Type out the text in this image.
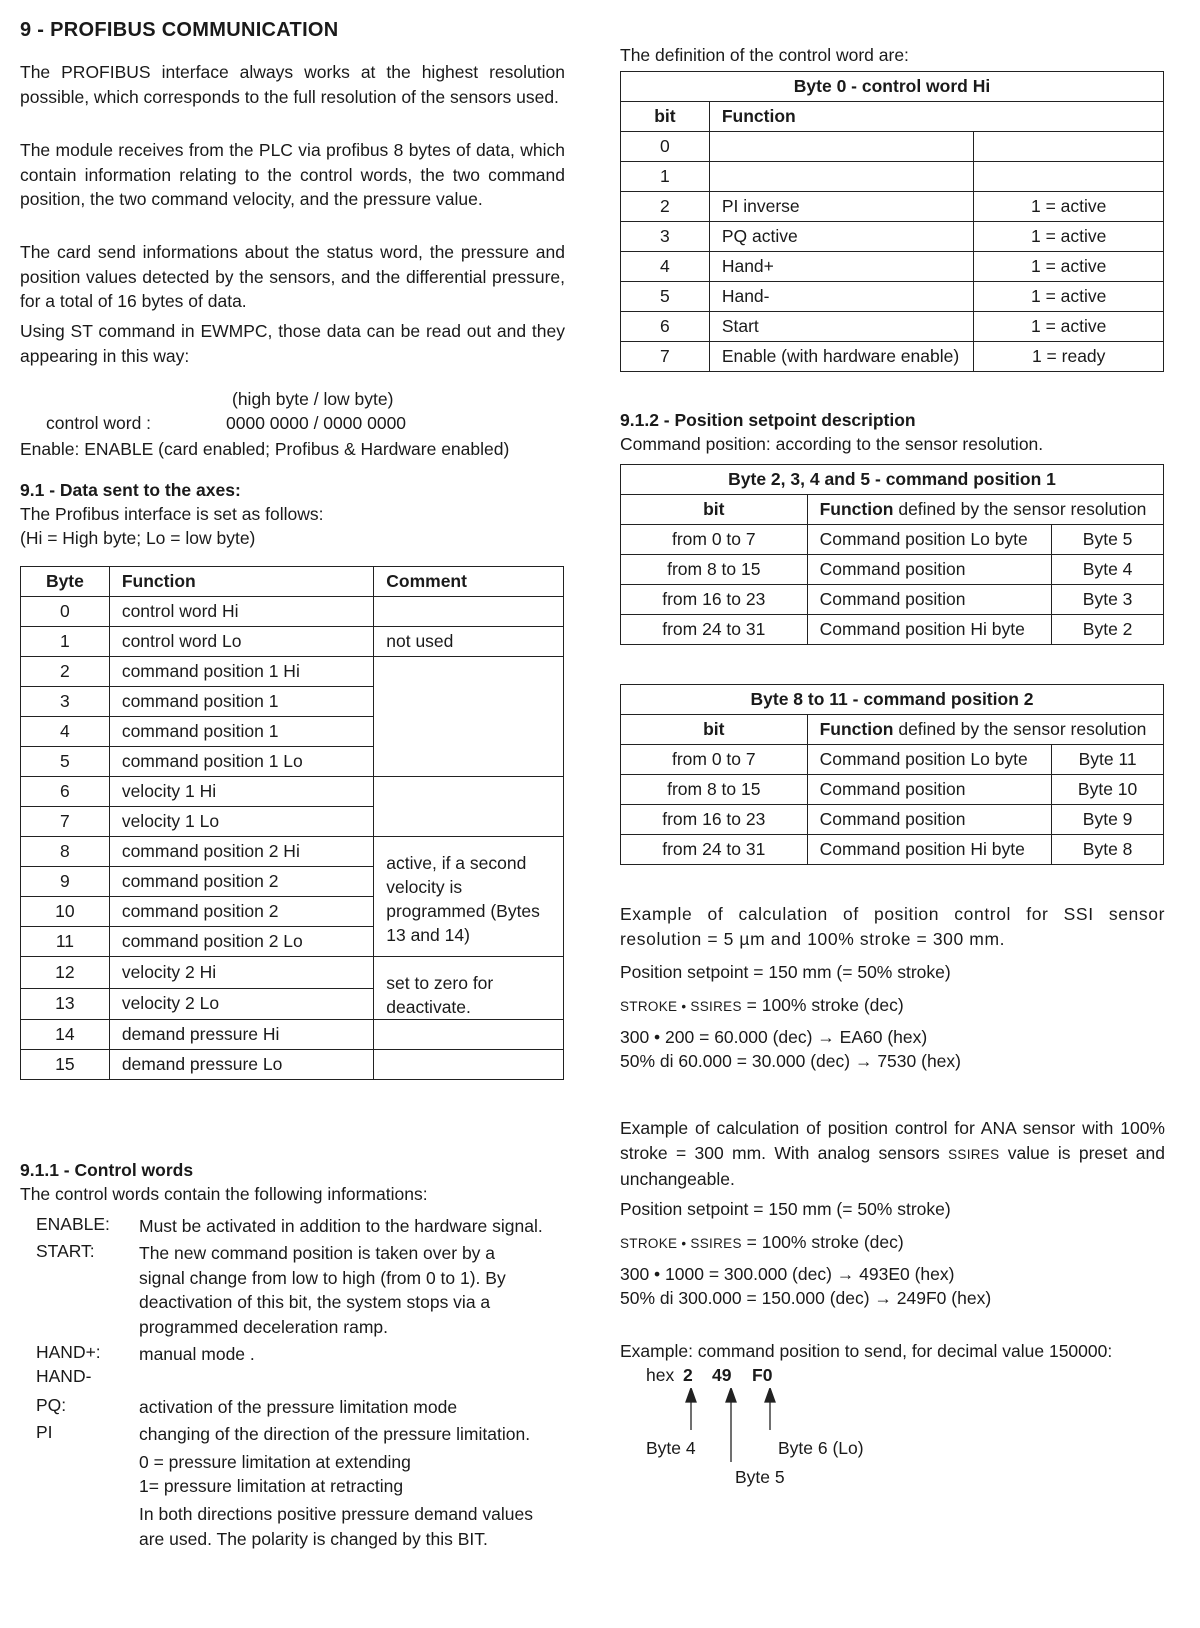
9 - PROFIBUS COMMUNICATION

The PROFIBUS interface always works at the highest resolution possible, which corresponds to the full resolution of the sensors used.

The module receives from the PLC via profibus 8 bytes of data, which contain information relating to the control words, the two command position, the two command velocity, and the pressure value.

The card send informations about the status word, the pressure and position values detected by the sensors, and the differential pressure, for a total of 16 bytes of data.

Using ST command in EWMPC, those data can be read out and they appearing in this way:

(high byte / low byte)

control word :	0000 0000 / 0000 0000

Enable: ENABLE (card enabled; Profibus & Hardware enabled)

9.1 - Data sent to the axes:

The Profibus interface is set as follows:

(Hi = High byte; Lo = low byte)

Byte	Function	Comment
0	control word Hi	
1	control word Lo	not used
2	command position 1 Hi	
3	command position 1	
4	command position 1	
5	command position 1 Lo	
6	velocity 1 Hi	
7	velocity 1 Lo	
8	command position 2 Hi	active, if a second velocity is programmed (Bytes 13 and 14)
9	command position 2	
10	command position 2	
11	command position 2 Lo	
12	velocity 2 Hi	set to zero for deactivate.
13	velocity 2 Lo	
14	demand pressure Hi	
15	demand pressure Lo	

9.1.1 - Control words

The control words contain the following informations:

ENABLE: Must be activated in addition to the hardware signal.
START:	The new command position is taken over by a signal change from low to high (from 0 to 1). By deactivation of this bit, the system stops via a programmed deceleration ramp.
HAND+: manual mode .
HAND-
PQ:	activation of the pressure limitation mode
PI	changing of the direction of the pressure limitation.
0 = pressure limitation at extending
1= pressure limitation at retracting
In both directions positive pressure demand values are used. The polarity is changed by this BIT.

The definition of the control word are:

Byte 0 - control word Hi		
bit	Function	
0		
1		
2	PI inverse	1 = active
3	PQ active	1 = active
4	Hand+	1 = active
5	Hand-	1 = active
6	Start	1 = active
7	Enable (with hardware enable)	1 = ready

9.1.2 - Position setpoint description

Command position: according to the sensor resolution.

Byte 2, 3, 4 and 5 - command position 1		
bit	Function defined by the sensor resolution	
from 0 to 7	Command position Lo byte	Byte 5
from 8 to 15	Command position	Byte 4
from 16 to 23	Command position	Byte 3
from 24 to 31	Command position Hi byte	Byte 2
Byte 8 to 11 - command position 2		
bit	Function defined by the sensor resolution	
from 0 to 7	Command position Lo byte	Byte 11
from 8 to 15	Command position	Byte 10
from 16 to 23	Command position	Byte 9
from 24 to 31	Command position Hi byte	Byte 8

Example of calculation of position control for SSI sensor resolution = 5 µm and 100% stroke = 300 mm.

Position setpoint = 150 mm (= 50% stroke)

STROKE • SSIRES = 100% stroke (dec)

300 • 200 = 60.000 (dec) → EA60 (hex)

50% di 60.000 = 30.000 (dec) → 7530 (hex)

Example of calculation of position control for ANA sensor with 100% stroke = 300 mm. With analog sensors SSIRES value is preset and unchangeable.

Position setpoint = 150 mm (= 50% stroke)

STROKE • SSIRES = 100% stroke (dec)

300 • 1000 = 300.000 (dec) → 493E0 (hex)

50% di 300.000 = 150.000 (dec) → 249F0 (hex)

Example: command position to send, for decimal value 150000:

hex 2 49 F0

Byte 4	Byte 6 (Lo)

Byte 5
